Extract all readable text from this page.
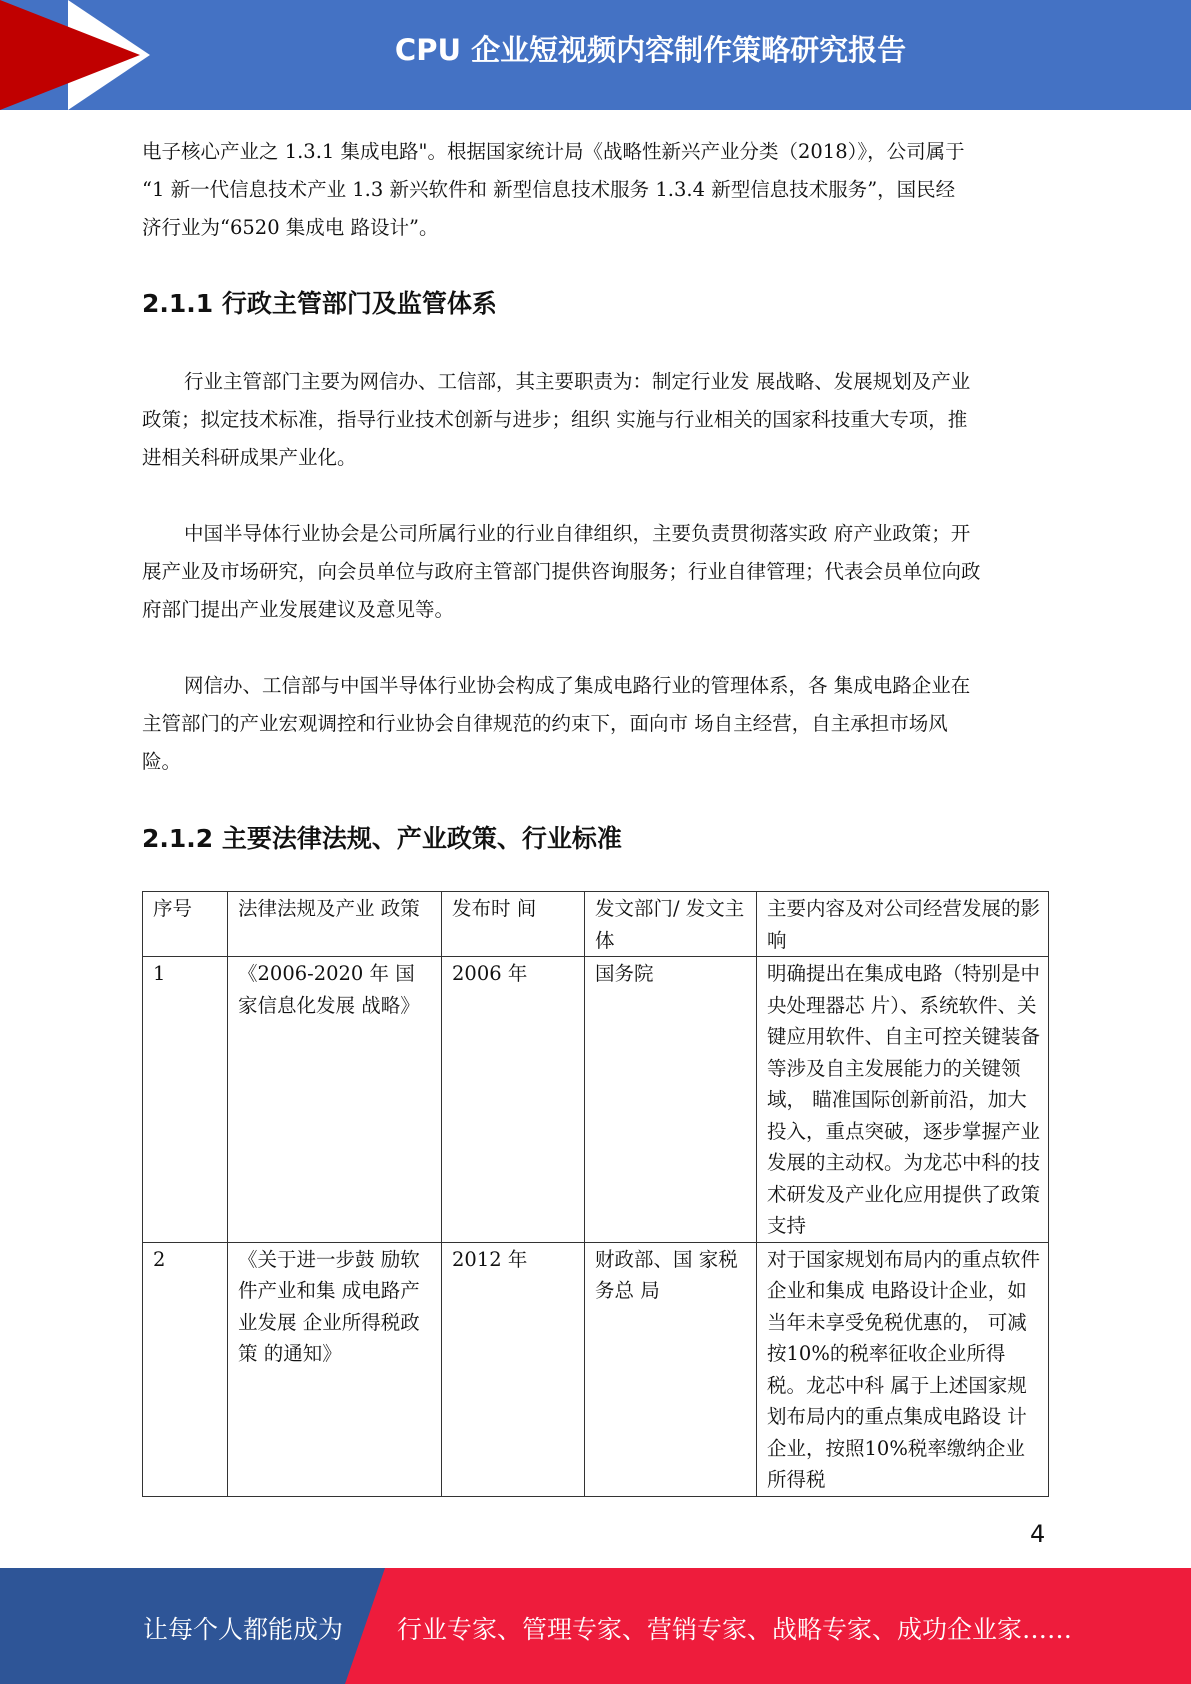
CPU 企业短视频内容制作策略研究报告

电子核心产业之 1.3.1 集成电路"。根据国家统计局《战略性新兴产业分类（2018）》，公司属于

“1 新一代信息技术产业 1.3 新兴软件和 新型信息技术服务 1.3.4 新型信息技术服务”，国民经

济行业为“6520 集成电 路设计”。

2.1.1 行政主管部门及监管体系

行业主管部门主要为网信办、工信部，其主要职责为：制定行业发 展战略、发展规划及产业

政策；拟定技术标准，指导行业技术创新与进步；组织 实施与行业相关的国家科技重大专项，推

进相关科研成果产业化。

中国半导体行业协会是公司所属行业的行业自律组织，主要负责贯彻落实政 府产业政策；开

展产业及市场研究，向会员单位与政府主管部门提供咨询服务；行业自律管理；代表会员单位向政

府部门提出产业发展建议及意见等。

网信办、工信部与中国半导体行业协会构成了集成电路行业的管理体系，各 集成电路企业在

主管部门的产业宏观调控和行业协会自律规范的约束下，面向市 场自主经营，自主承担市场风

险。

2.1.2 主要法律法规、产业政策、行业标准
序号	法律法规及产业 政策	发布时 间	发文部门/ 发文主体	主要内容及对公司经营发展的影响
1	《2006-2020 年 国家信息化发展 战略》	2006 年	国务院	明确提出在集成电路（特别是中央处理器芯 片）、系统软件、关键应用软件、自主可控关键装备等涉及自主发展能力的关键领域， 瞄准国际创新前沿，加大投入，重点突破，逐步掌握产业发展的主动权。为龙芯中科的技 术研发及产业化应用提供了政策支持
2	《关于进一步鼓 励软件产业和集 成电路产业发展 企业所得税政策 的通知》	2012 年	财政部、国 家税务总 局	对于国家规划布局内的重点软件企业和集成 电路设计企业，如当年未享受免税优惠的， 可减按10%的税率征收企业所得税。龙芯中科 属于上述国家规划布局内的重点集成电路设 计企业，按照10%税率缴纳企业所得税
4
让每个人都能成为 行业专家、管理专家、营销专家、战略专家、成功企业家……
